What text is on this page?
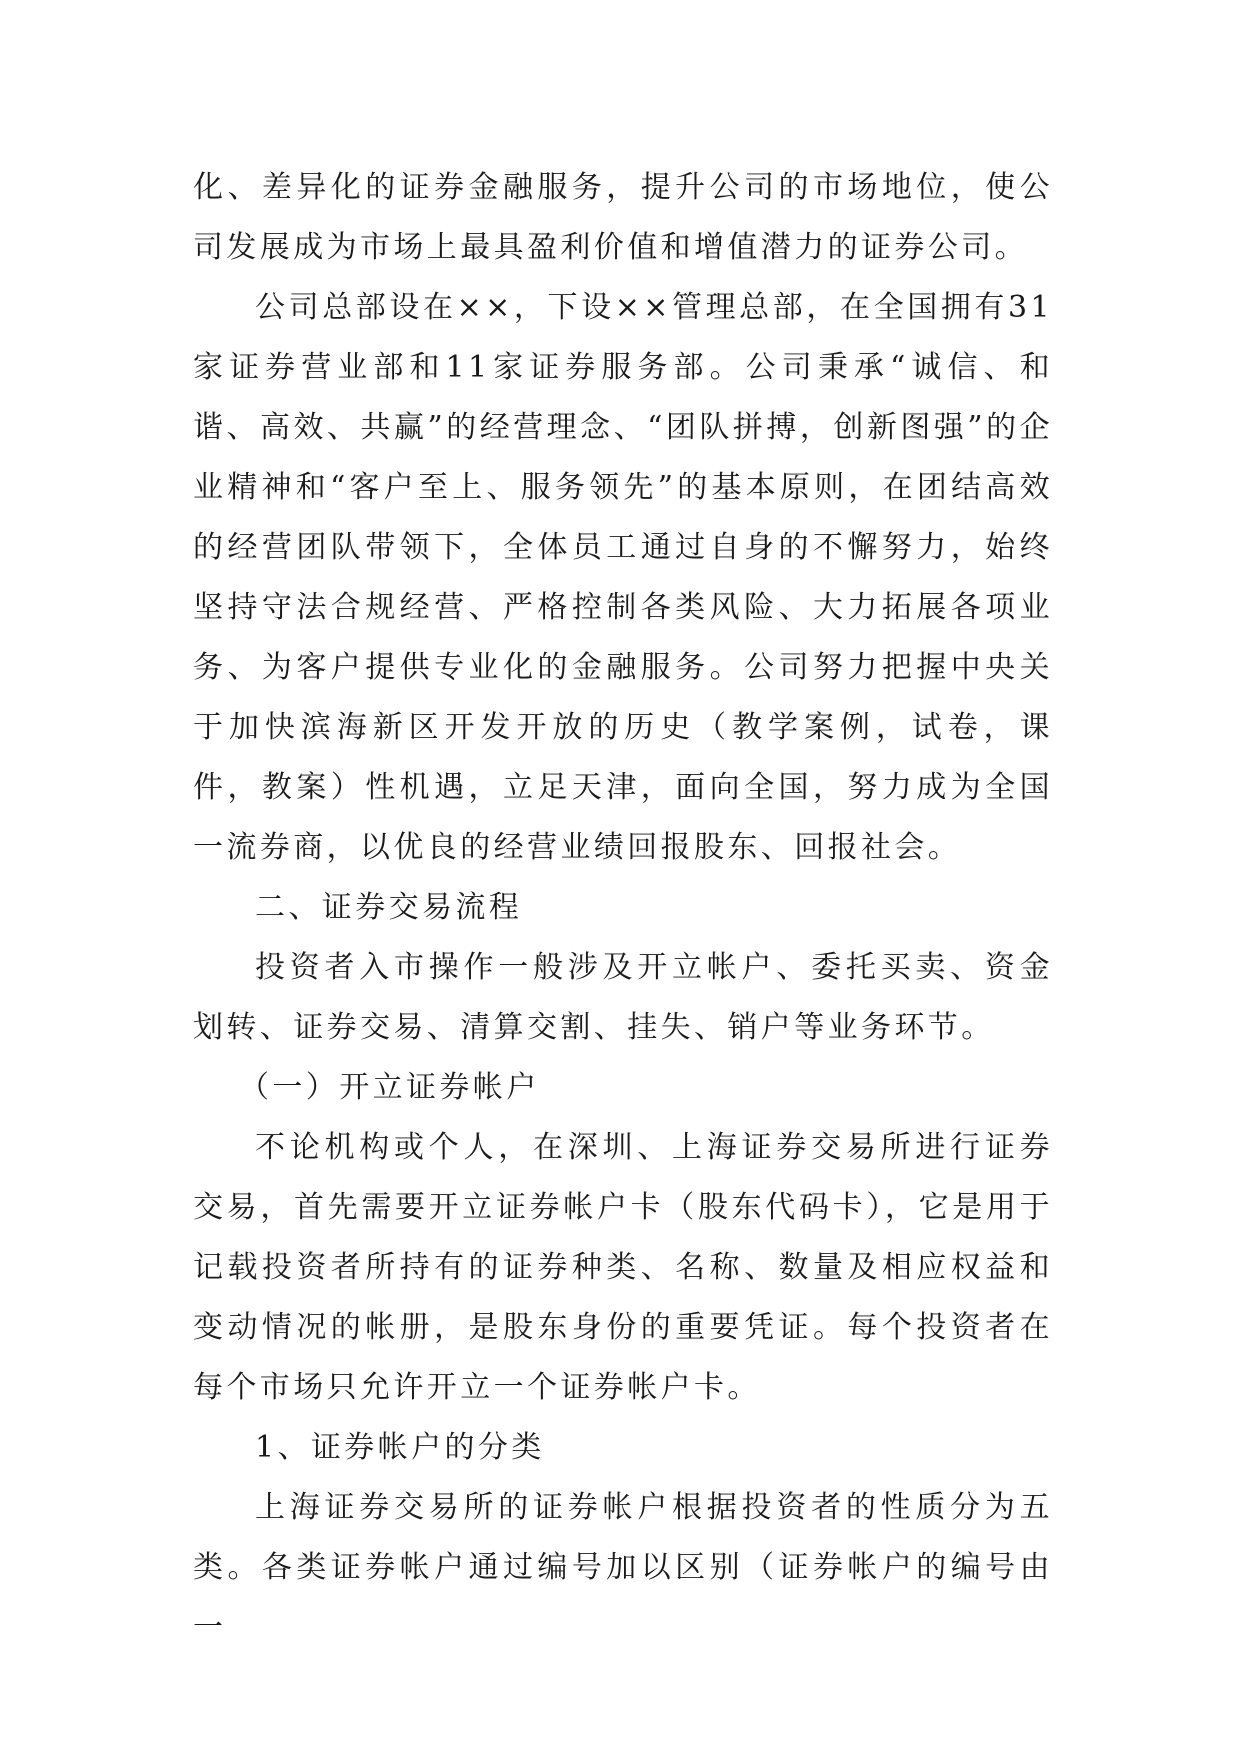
化、差异化的证券金融服务，提升公司的市场地位，使公司发展成为市场上最具盈利价值和增值潜力的证券公司。

公司总部设在××，下设××管理总部，在全国拥有31家证券营业部和11家证券服务部。公司秉承“诚信、和谐、高效、共赢”的经营理念、“团队拼搏，创新图强”的企业精神和“客户至上、服务领先”的基本原则，在团结高效的经营团队带领下，全体员工通过自身的不懈努力，始终坚持守法合规经营、严格控制各类风险、大力拓展各项业务、为客户提供专业化的金融服务。公司努力把握中央关于加快滨海新区开发开放的历史（教学案例，试卷，课件，教案）性机遇，立足天津，面向全国，努力成为全国一流券商，以优良的经营业绩回报股东、回报社会。

二、证券交易流程

投资者入市操作一般涉及开立帐户、委托买卖、资金划转、证券交易、清算交割、挂失、销户等业务环节。

（一）开立证券帐户

不论机构或个人，在深圳、上海证券交易所进行证券交易，首先需要开立证券帐户卡（股东代码卡），它是用于记载投资者所持有的证券种类、名称、数量及相应权益和变动情况的帐册，是股东身份的重要凭证。每个投资者在每个市场只允许开立一个证券帐户卡。

1、证券帐户的分类

上海证券交易所的证券帐户根据投资者的性质分为五类。各类证券帐户通过编号加以区别（证券帐户的编号由一
